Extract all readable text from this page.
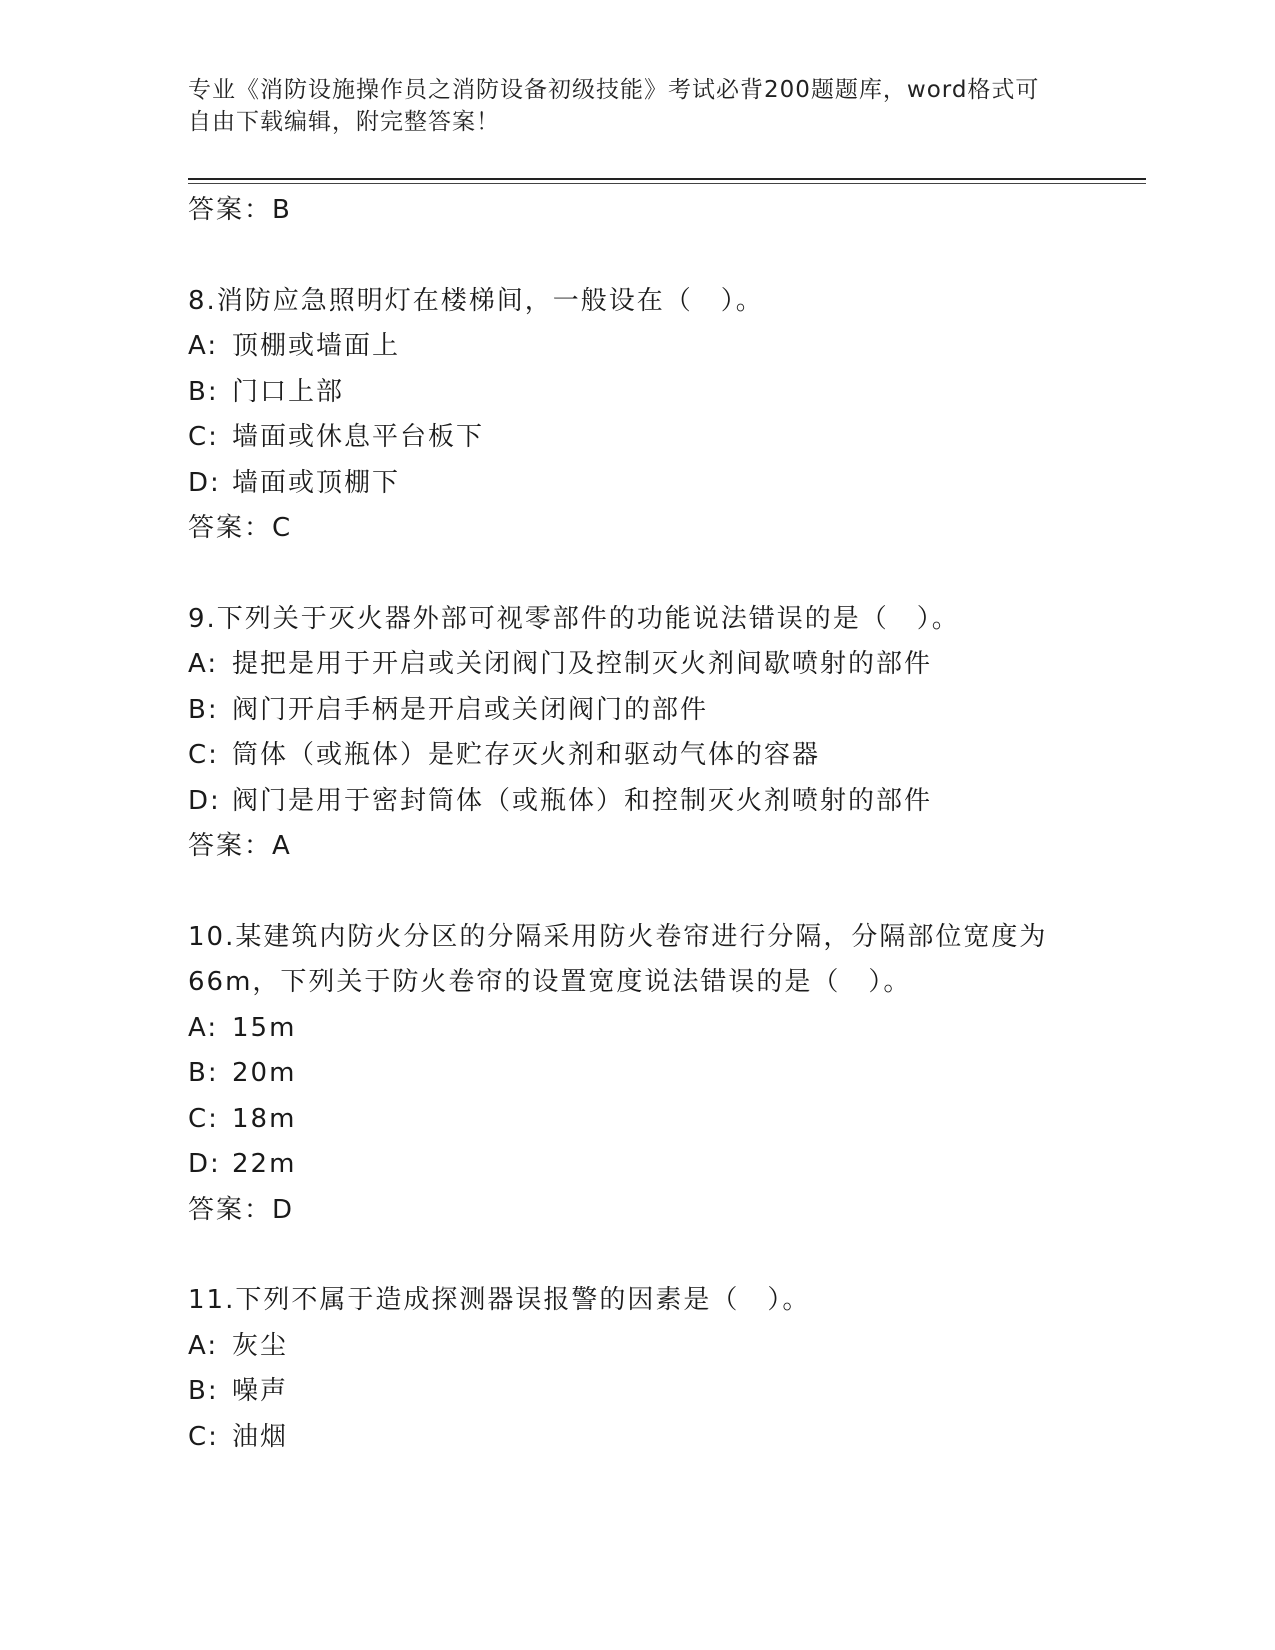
专业《消防设施操作员之消防设备初级技能》考试必背200题题库，word格式可
自由下载编辑，附完整答案！
答案：B
8.消防应急照明灯在楼梯间，一般设在（　）。
A: 顶棚或墙面上
B: 门口上部
C: 墙面或休息平台板下
D: 墙面或顶棚下
答案：C
9.下列关于灭火器外部可视零部件的功能说法错误的是（　）。
A: 提把是用于开启或关闭阀门及控制灭火剂间歇喷射的部件
B: 阀门开启手柄是开启或关闭阀门的部件
C: 筒体（或瓶体）是贮存灭火剂和驱动气体的容器
D: 阀门是用于密封筒体（或瓶体）和控制灭火剂喷射的部件
答案：A
10.某建筑内防火分区的分隔采用防火卷帘进行分隔，分隔部位宽度为
66m，下列关于防火卷帘的设置宽度说法错误的是（　）。
A: 15m
B: 20m
C: 18m
D: 22m
答案：D
11.下列不属于造成探测器误报警的因素是（　）。
A: 灰尘
B: 噪声
C: 油烟
